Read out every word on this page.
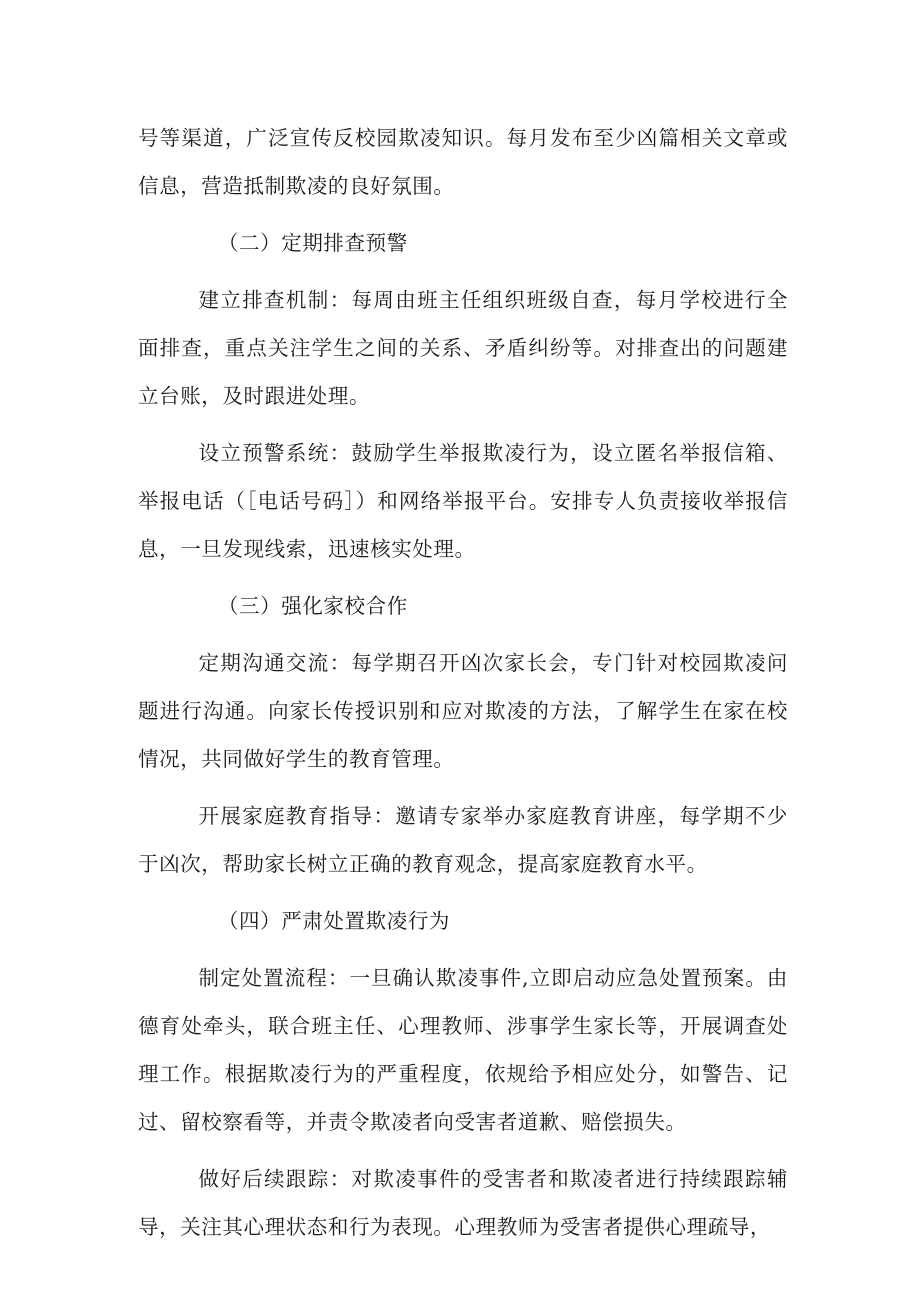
号等渠道，广泛宣传反校园欺凌知识。每月发布至少凶篇相关文章或信息，营造抵制欺凌的良好氛围。

（二）定期排查预警

建立排查机制：每周由班主任组织班级自查，每月学校进行全面排查，重点关注学生之间的关系、矛盾纠纷等。对排查出的问题建立台账，及时跟进处理。

设立预警系统：鼓励学生举报欺凌行为，设立匿名举报信箱、举报电话（［电话号码］）和网络举报平台。安排专人负责接收举报信息，一旦发现线索，迅速核实处理。

（三）强化家校合作

定期沟通交流：每学期召开凶次家长会，专门针对校园欺凌问题进行沟通。向家长传授识别和应对欺凌的方法，了解学生在家在校情况，共同做好学生的教育管理。

开展家庭教育指导：邀请专家举办家庭教育讲座，每学期不少于凶次，帮助家长树立正确的教育观念，提高家庭教育水平。

（四）严肃处置欺凌行为

制定处置流程：一旦确认欺凌事件,立即启动应急处置预案。由德育处牵头，联合班主任、心理教师、涉事学生家长等，开展调查处理工作。根据欺凌行为的严重程度，依规给予相应处分，如警告、记过、留校察看等，并责令欺凌者向受害者道歉、赔偿损失。

做好后续跟踪：对欺凌事件的受害者和欺凌者进行持续跟踪辅导，关注其心理状态和行为表现。心理教师为受害者提供心理疏导，
